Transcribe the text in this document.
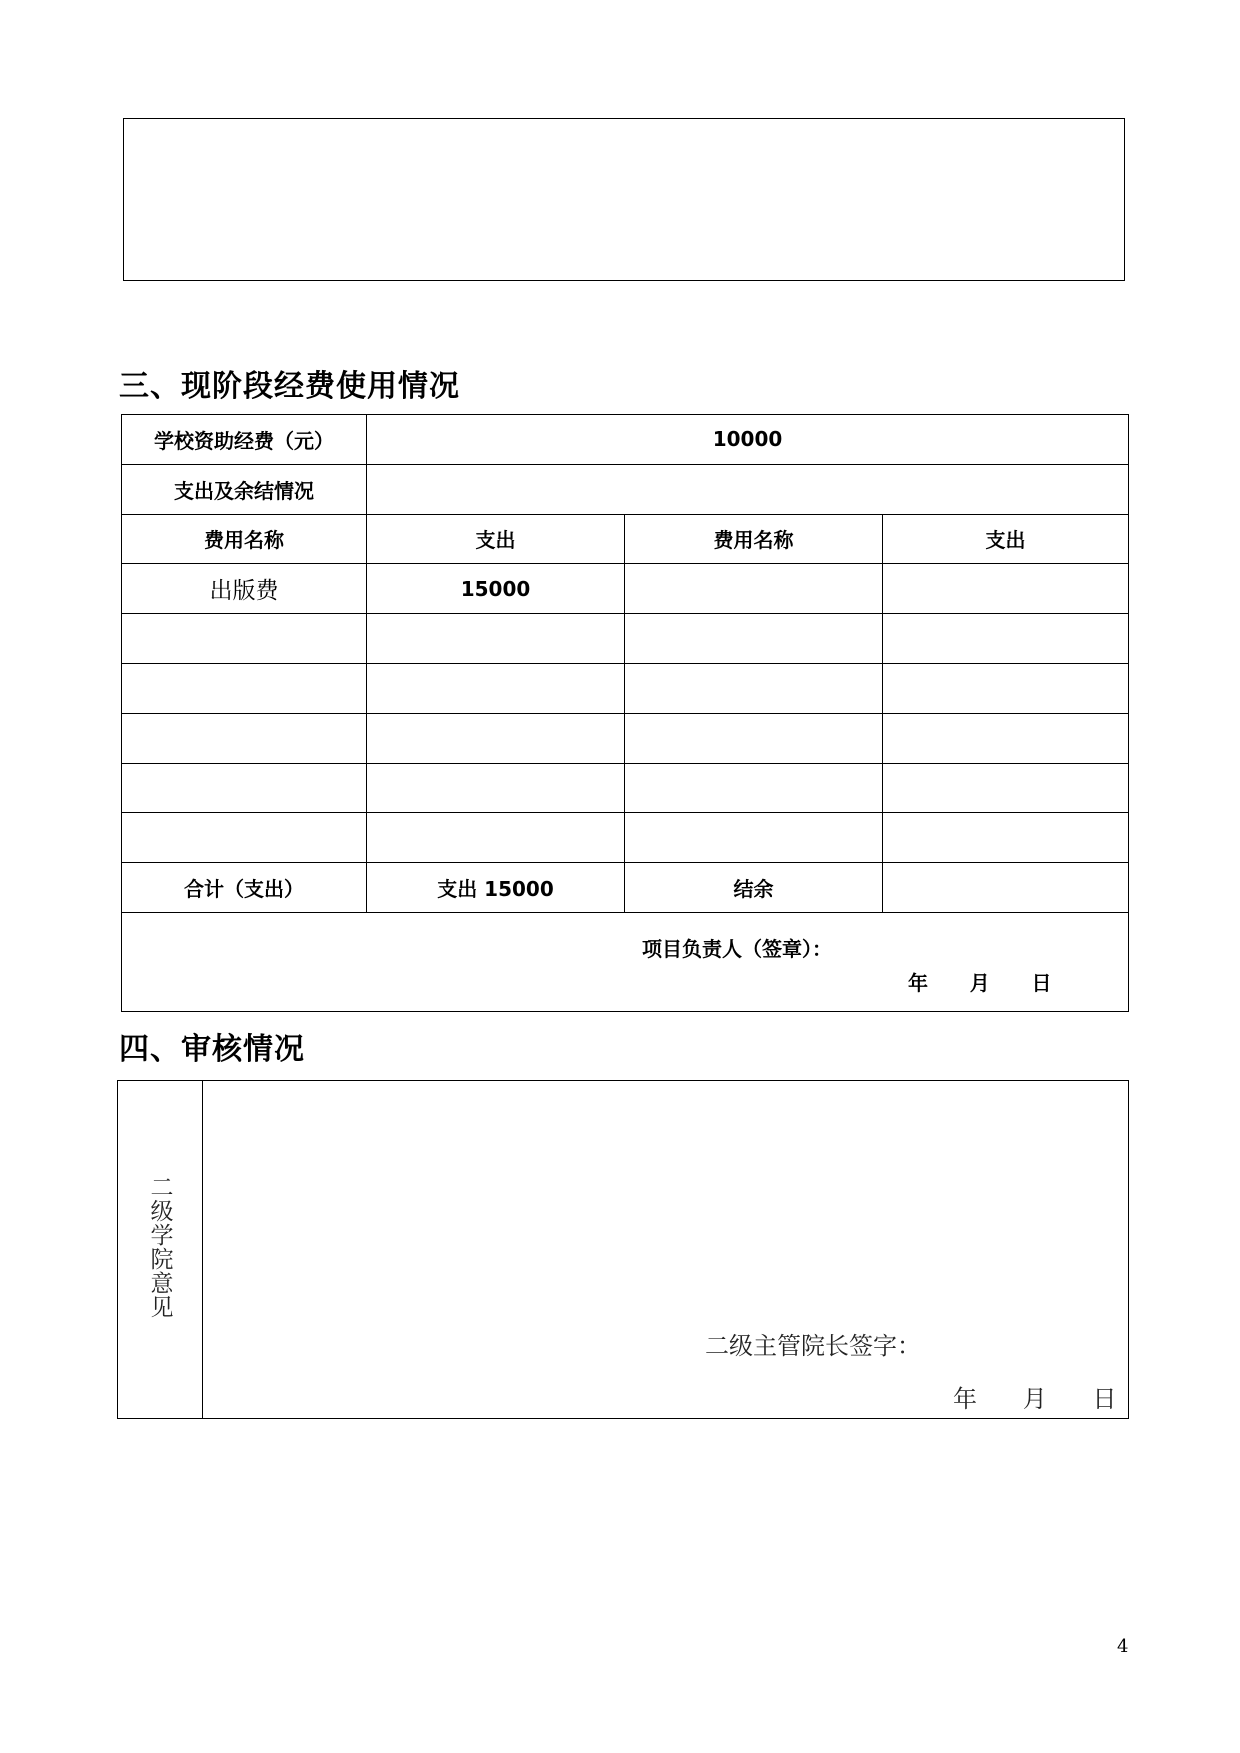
三、现阶段经费使用情况
学校资助经费（元）	10000		
支出及余结情况			
费用名称	支出	费用名称	支出
出版费	15000		

合计（支出）	支出 15000	结余	

项目负责人（签章）：
年      月      日			
四、审核情况
二级学院意见	
二级主管院长签字：
年      月      日
4
